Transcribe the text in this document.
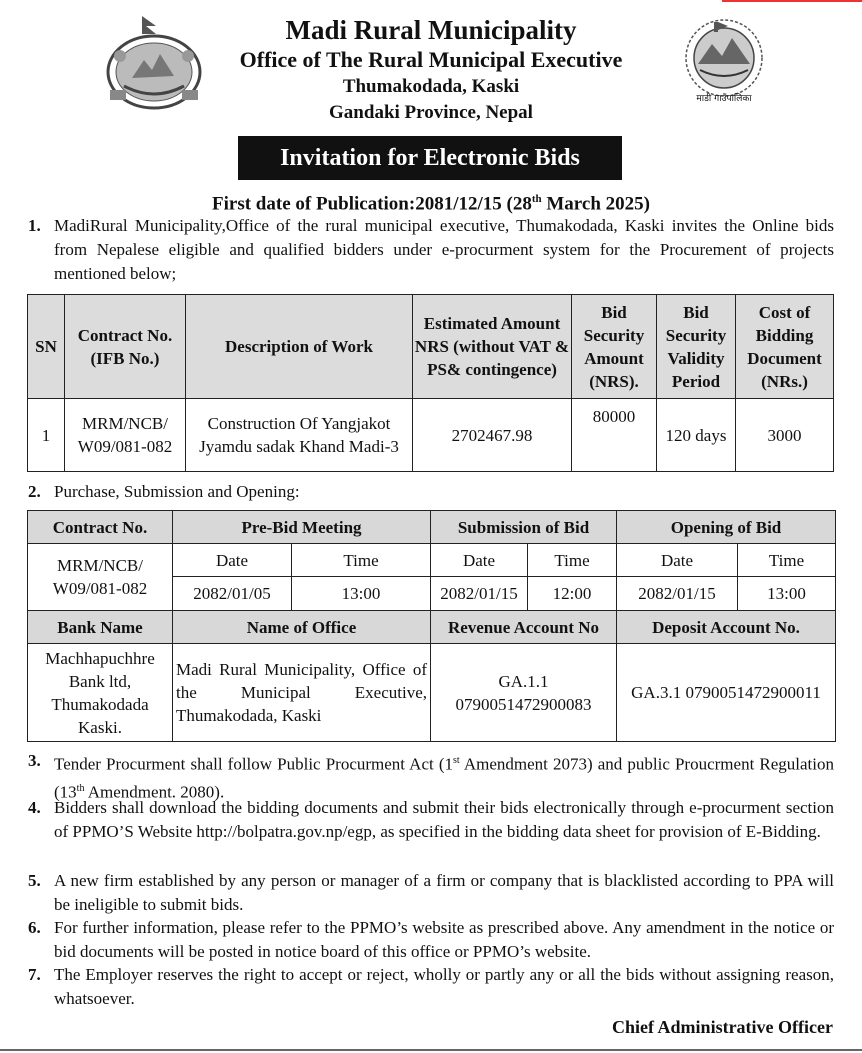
माडी गाउँपालिका
Madi Rural Municipality
Office of The Rural Municipal Executive
Thumakodada, Kaski
Gandaki Province, Nepal
Invitation for Electronic Bids
First date of Publication:2081/12/15 (28th March 2025)
1. MadiRural Municipality,Office of the rural municipal executive, Thumakodada, Kaski invites the Online bids from Nepalese eligible and qualified bidders under e-procurment system for the Procurement of projects mentioned below;
SN	Contract No. (IFB No.)	Description of Work	Estimated Amount NRS (without VAT & PS& contingence)	Bid Security Amount (NRS).	Bid Security Validity Period	Cost of Bidding Document (NRs.)
1	MRM/NCB/ W09/081-082	Construction Of Yangjakot Jyamdu sadak Khand Madi-3	2702467.98	80000	120 days	3000
2. Purchase, Submission and Opening:
Contract No.	Pre-Bid Meeting		Submission of Bid		Opening of Bid	
MRM/NCB/ W09/081-082	Date	Time	Date	Time	Date	Time
	2082/01/05	13:00	2082/01/15	12:00	2082/01/15	13:00
Bank Name	Name of Office		Revenue Account No		Deposit Account No.	
Machhapuchhre Bank ltd, Thumakodada Kaski.	Madi Rural Municipality, Office of the Municipal Executive, Thumakodada, Kaski		GA.1.1 0790051472900083		GA.3.1 0790051472900011	
3. Tender Procurment shall follow Public Procurment Act (1st Amendment 2073) and public Proucrment Regulation (13th Amendment. 2080).
4. Bidders shall download the bidding documents and submit their bids electronically through e-procurment section of PPMO’S Website http://bolpatra.gov.np/egp, as specified in the bidding data sheet for provision of E-Bidding.
5. A new firm established by any person or manager of a firm or company that is blacklisted according to PPA will be ineligible to submit bids.
6. For further information, please refer to the PPMO’s website as prescribed above. Any amendment in the notice or bid documents will be posted in notice board of this office or PPMO’s website.
7. The Employer reserves the right to accept or reject, wholly or partly any or all the bids without assigning reason, whatsoever.
Chief Administrative Officer
